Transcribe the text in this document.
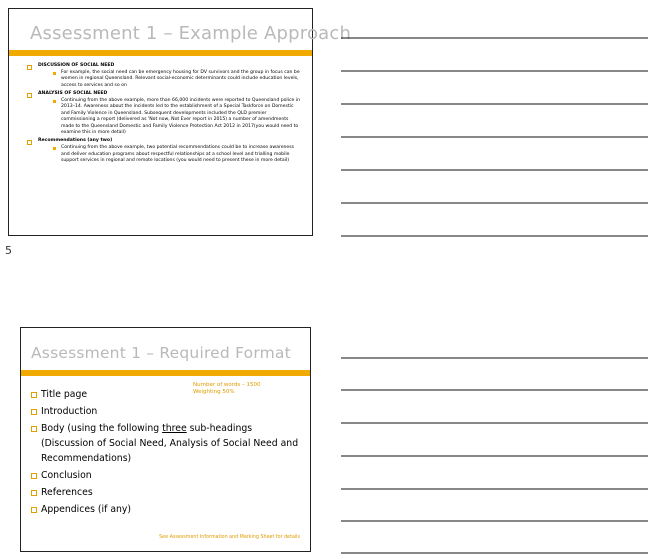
Assessment 1 – Example Approach
DISCUSSION OF SOCIAL NEED
For example, the social need can be emergency housing for DV survivors and the group in focus can be women in regional Queensland. Relevant social-economic determinants could include education levels, access to services and so on
ANALYSIS OF SOCIAL NEED
Continuing from the above example, more than 66,000 incidents were reported to Queensland police in 2013–14. Awareness about the incidents led to the establishment of a Special Taskforce on Domestic and Family Violence in Queensland. Subsequent developments included the QLD premier commissioning a report (delivered as 'Not now, Not Ever report in 2015) a number of amendments made to the Queensland Domestic and Family Violence Protection Act 2012 in 2017(you would need to examine this in more detail)
Recommendations (any two)
Continuing from the above example, two potential recommendations could be to increase awareness and deliver education programs about respectful relationships at a school level and trialling mobile support services in regional and remote locations (you would need to present these in more detail)
5
Assessment 1 – Required Format
Number of words – 1500
Weighting 50%
Title page
Introduction
Body (using the following three sub-headings (Discussion of Social Need, Analysis of Social Need and Recommendations)
Conclusion
References
Appendices (if any)
See Assessment Information and Marking Sheet for details
